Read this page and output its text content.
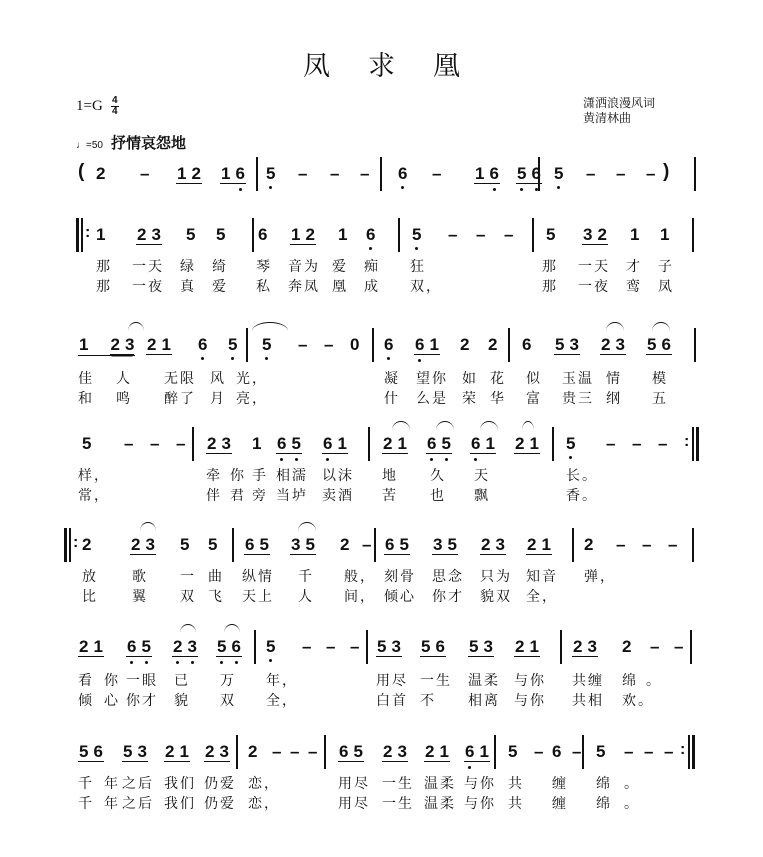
凤求凰
1=G 4
4
潇洒浪漫风词
黄清林曲
♩=50 抒情哀怨地
(	)
2 – 1 2 1 6 5 – – – 6 – 1 6 5 6 5 – – –
: 1 2 3 5 5 6 1 2 1 6 5 – – – 5 3 2 1 1
那 一天 绿 绮 琴 音为 爱 痴 狂	那 一天 才 子
那 一夜 真 爱 私 奔凤 凰 成 双，	那 一夜 鸾 凤
1 2 3 2 1 6 5 5 – – 0 6 6 1 2 2 6 5 3 2 3 5 6
佳 人 无限 风 光，	凝 望你 如 花 似 玉温 情 模
和 鸣 醉了 月 亮，	什 么是 荣 华 富 贵三 纲 五
:
5 – – – 2 3 1 6 5 6 1 2 1 6 5 6 1 2 1 5 – – –
样，	牵 你 手 相濡 以沫 地 久 天	长。
常，	伴 君 旁 当垆 卖酒 苦 也 飘	香。
: 2 2 3 5 5 6 5 3 5 2 – 6 5 3 5 2 3 2 1 2 – – –
放 歌 一 曲 纵情 千 般， 刻骨 思念 只为 知音 弹，
比 翼 双 飞 天上 人 间， 倾心 你才 貌双 全，
2 1 6 5 2 3 5 6 5 – – – 5 3 5 6 5 3 2 1 2 3 2 – –
看 你 一眼 已 万 年，	用尽 一生 温柔 与你 共缠 绵 。
倾 心 你才 貌 双 全，	白首 不 相离 与你 共相 欢。
:
5 6 5 3 2 1 2 3 2 – – – 6 5 2 3 2 1 6 1 5 – 6 – 5 – – –
千 年 之后 我们 仍爱 恋，	用尽 一生 温柔 与你 共 缠 绵 。
千 年 之后 我们 仍爱 恋，	用尽 一生 温柔 与你 共 缠 绵 。
